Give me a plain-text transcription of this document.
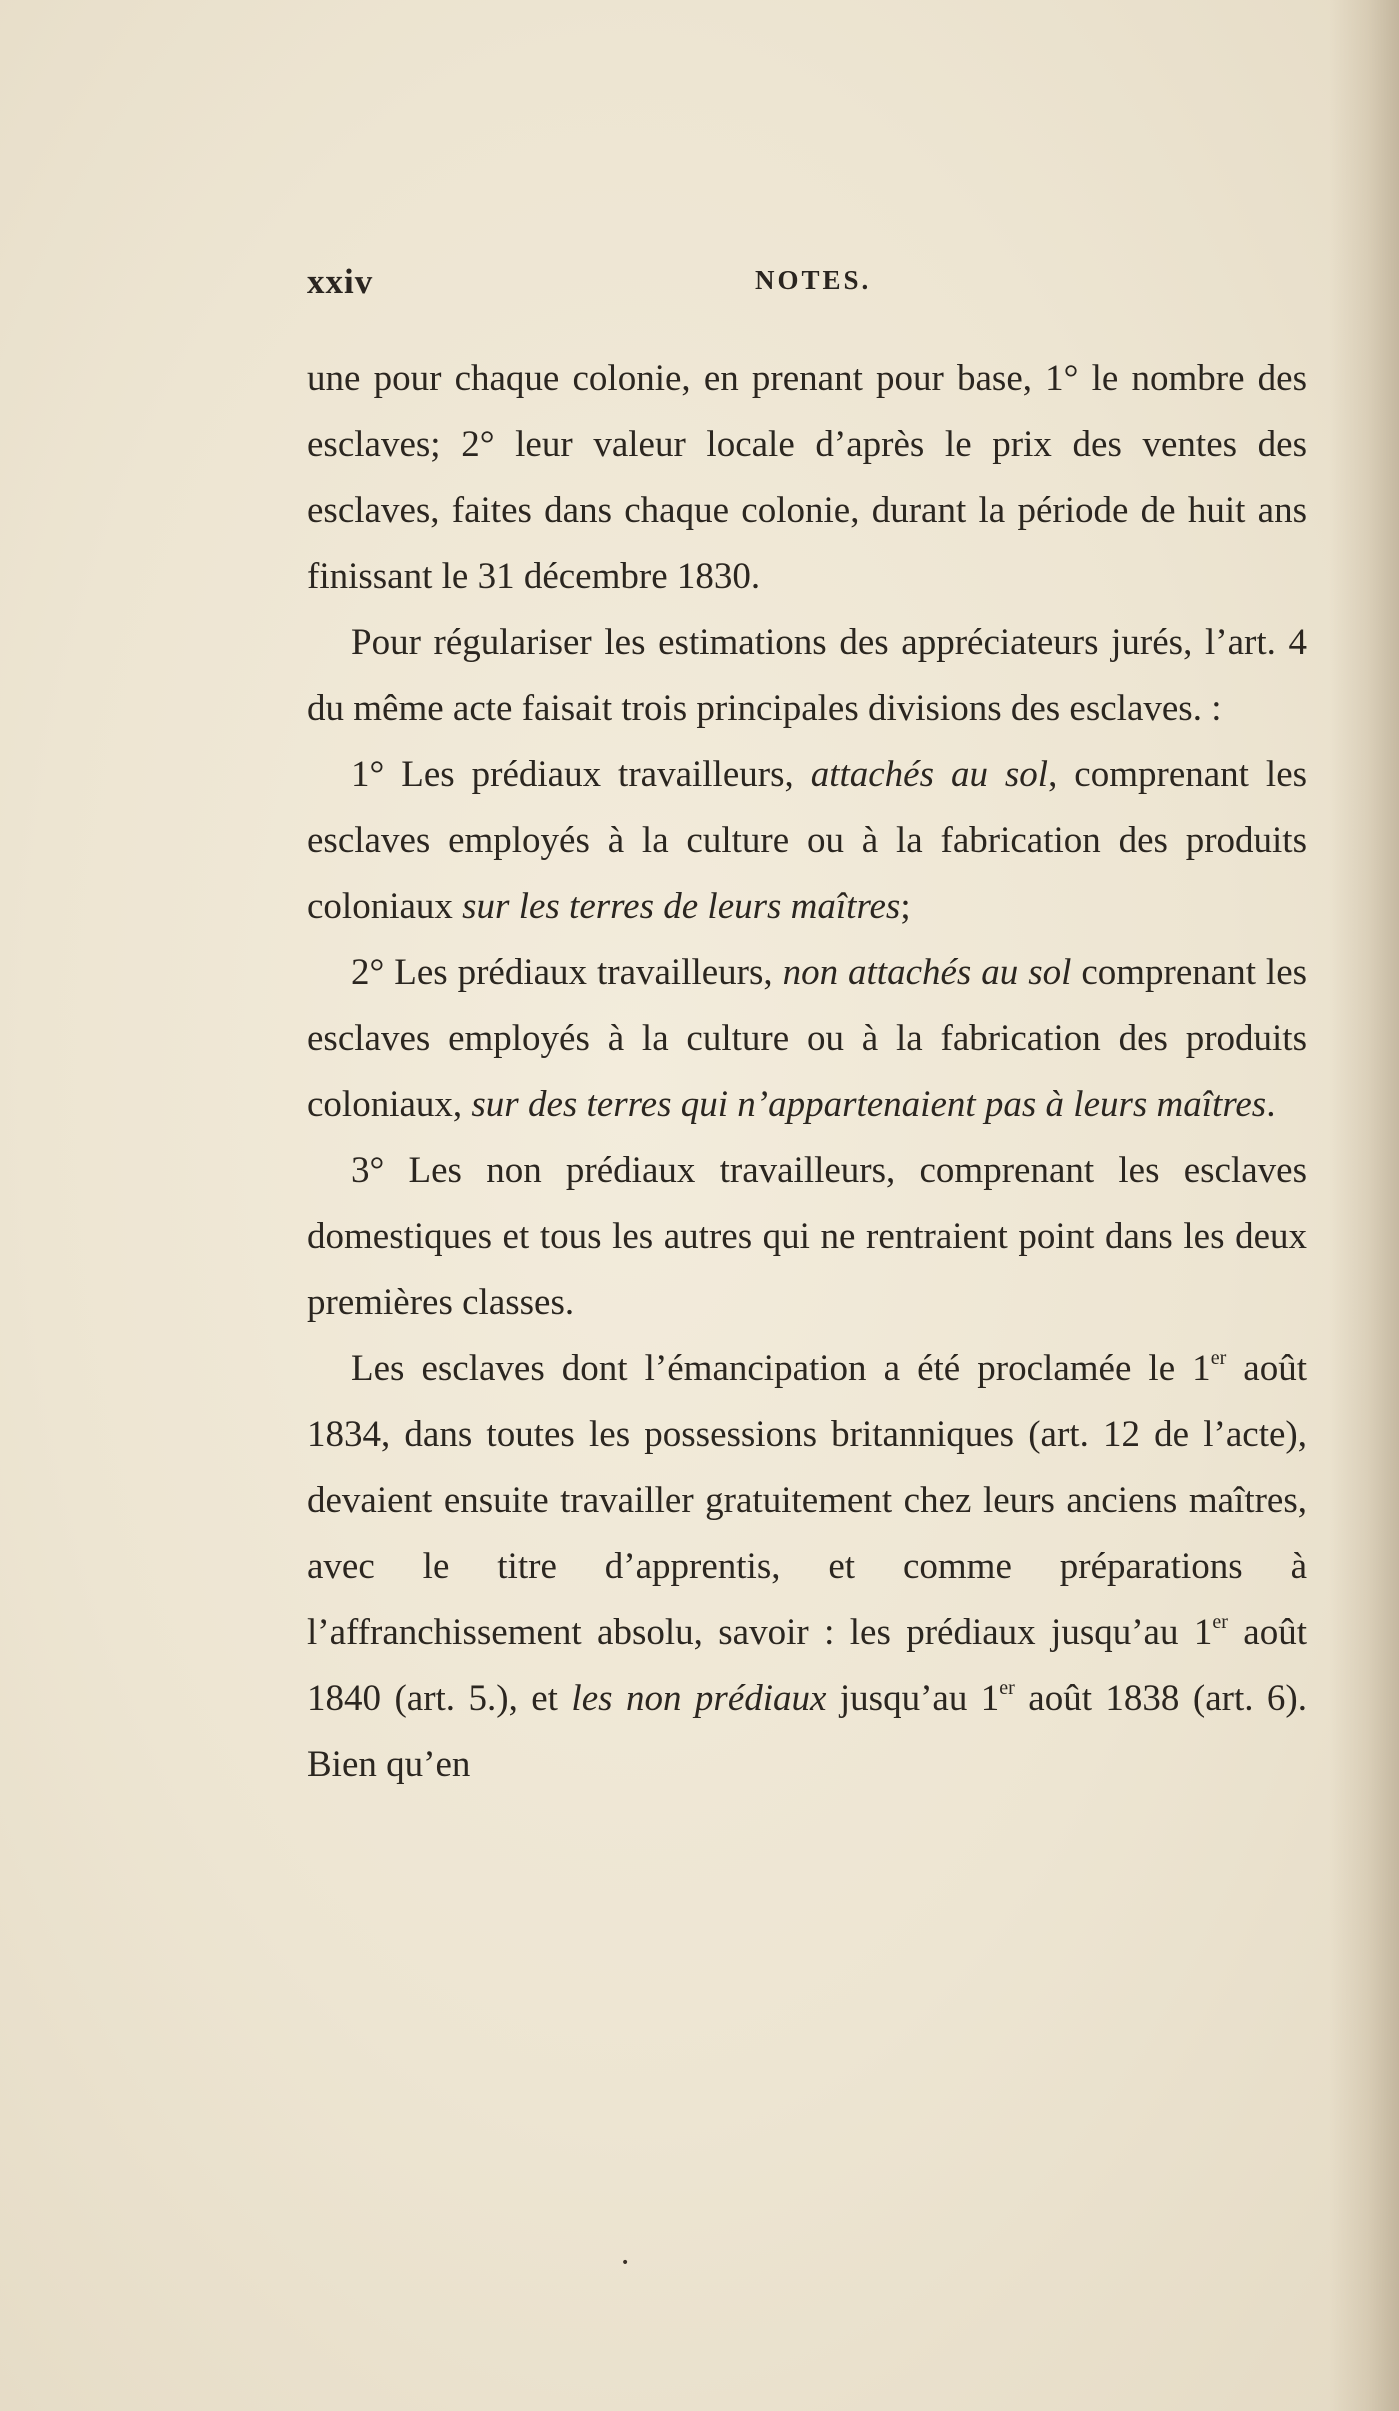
xxiv	NOTES.

une pour chaque colonie, en prenant pour base, 1° le nombre des esclaves; 2° leur valeur locale d’après le prix des ventes des esclaves, faites dans chaque colonie, durant la période de huit ans finissant le 31 décembre 1830.

Pour régulariser les estimations des appréciateurs jurés, l’art. 4 du même acte faisait trois principales divisions des esclaves. :

1° Les prédiaux travailleurs, attachés au sol, comprenant les esclaves employés à la culture ou à la fabrication des produits coloniaux sur les terres de leurs maîtres;

2° Les prédiaux travailleurs, non attachés au sol comprenant les esclaves employés à la culture ou à la fabrication des produits coloniaux, sur des terres qui n’appartenaient pas à leurs maîtres.

3° Les non prédiaux travailleurs, comprenant les esclaves domestiques et tous les autres qui ne rentraient point dans les deux premières classes.

Les esclaves dont l’émancipation a été proclamée le 1er août 1834, dans toutes les possessions britanniques (art. 12 de l’acte), devaient ensuite travailler gratuitement chez leurs anciens maîtres, avec le titre d’apprentis, et comme préparations à l’affranchissement absolu, savoir : les prédiaux jusqu’au 1er août 1840 (art. 5.), et les non prédiaux jusqu’au 1er août 1838 (art. 6). Bien qu’en

•
